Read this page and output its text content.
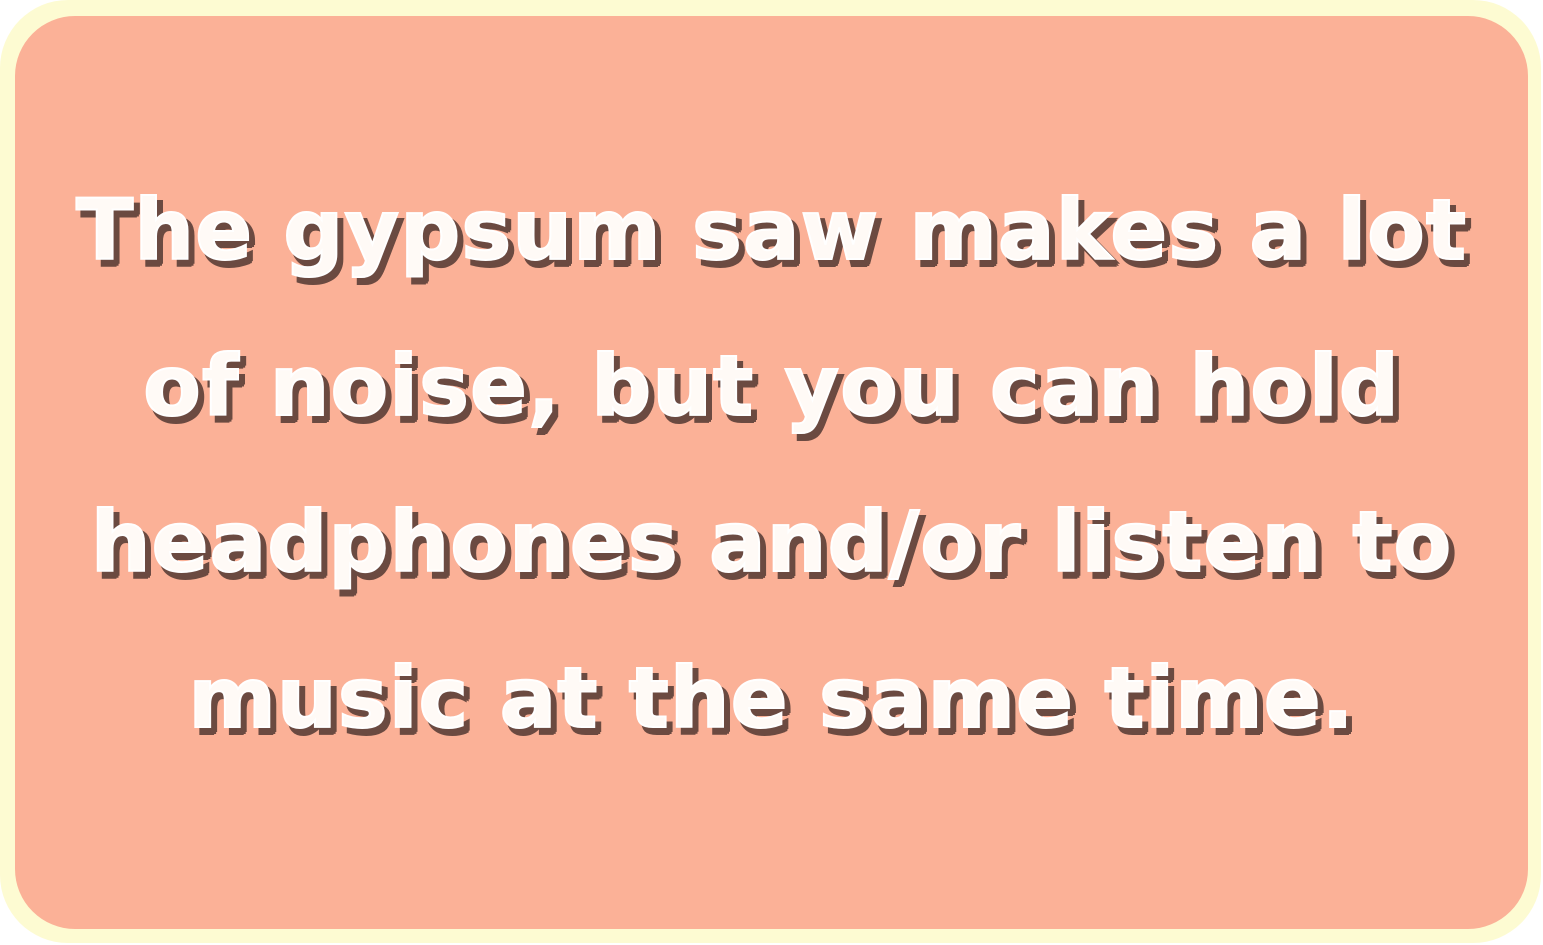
The gypsum saw makes a lot of noise, but you can hold headphones and/or listen to music at the same time.
